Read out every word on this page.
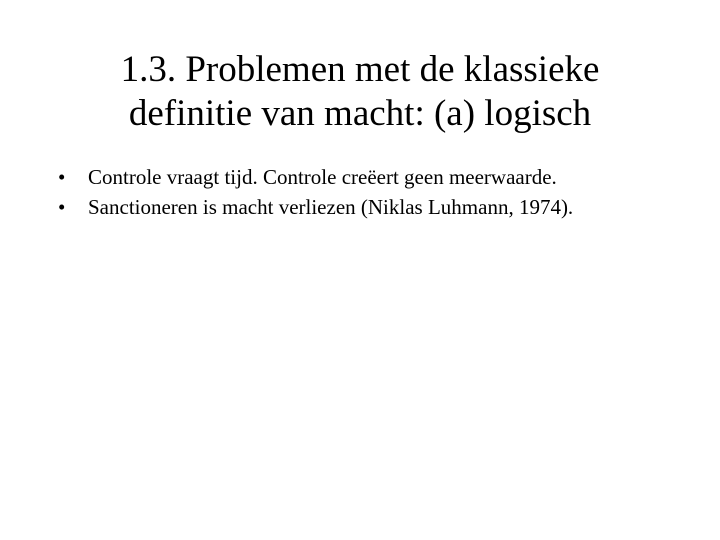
1.3. Problemen met de klassieke
definitie van macht: (a) logisch
• Controle vraagt tijd. Controle creëert geen meerwaarde.
• Sanctioneren is macht verliezen (Niklas Luhmann, 1974).
